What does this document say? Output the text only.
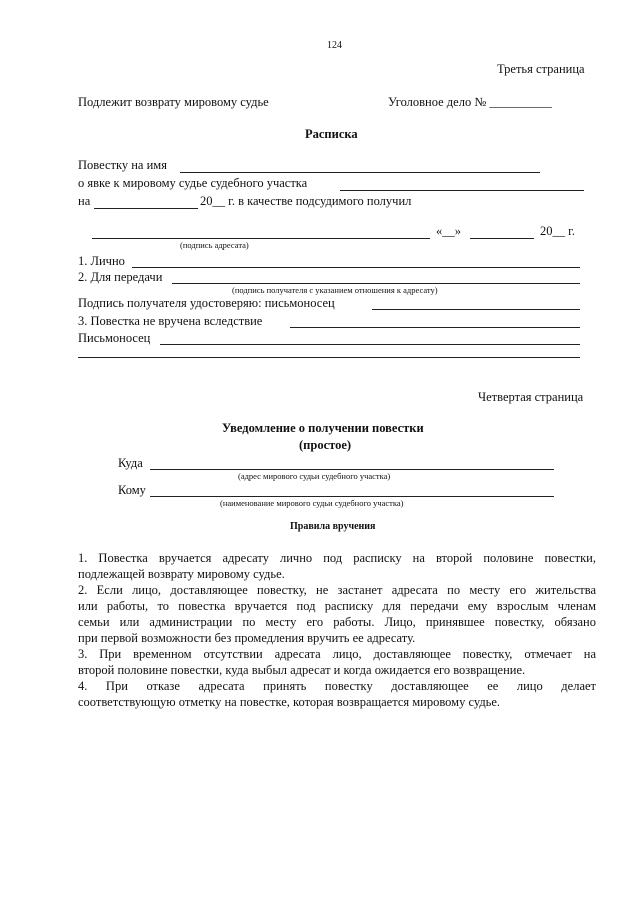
124
Третья страница
Подлежит возврату мировому судье	Уголовное дело № __________
Расписка
Повестку на имя
о явке к мировому судье судебного участка
на	20__ г. в качестве подсудимого получил
«__»	20__ г.
(подпись адресата)
1. Лично
2. Для передачи
(подпись получателя с указанием отношения к адресату)
Подпись получателя удостоверяю: письмоносец
3. Повестка не вручена вследствие
Письмоносец
Четвертая страница
Уведомление о получении повестки
(простое)
Куда
(адрес мирового судьи судебного участка)
Кому
(наименование мирового судьи судебного участка)
Правила вручения
1. Повестка вручается адресату лично под расписку на второй половине повестки,
подлежащей возврату мировому судье.
2. Если лицо, доставляющее повестку, не застанет адресата по месту его жительства
или работы, то повестка вручается под расписку для передачи ему взрослым членам
семьи или администрации по месту его работы. Лицо, принявшее повестку, обязано
при первой возможности без промедления вручить ее адресату.
3. При временном отсутствии адресата лицо, доставляющее повестку, отмечает на
второй половине повестки, куда выбыл адресат и когда ожидается его возвращение.
4. При отказе адресата принять повестку доставляющее ее лицо делает
соответствующую отметку на повестке, которая возвращается мировому судье.
